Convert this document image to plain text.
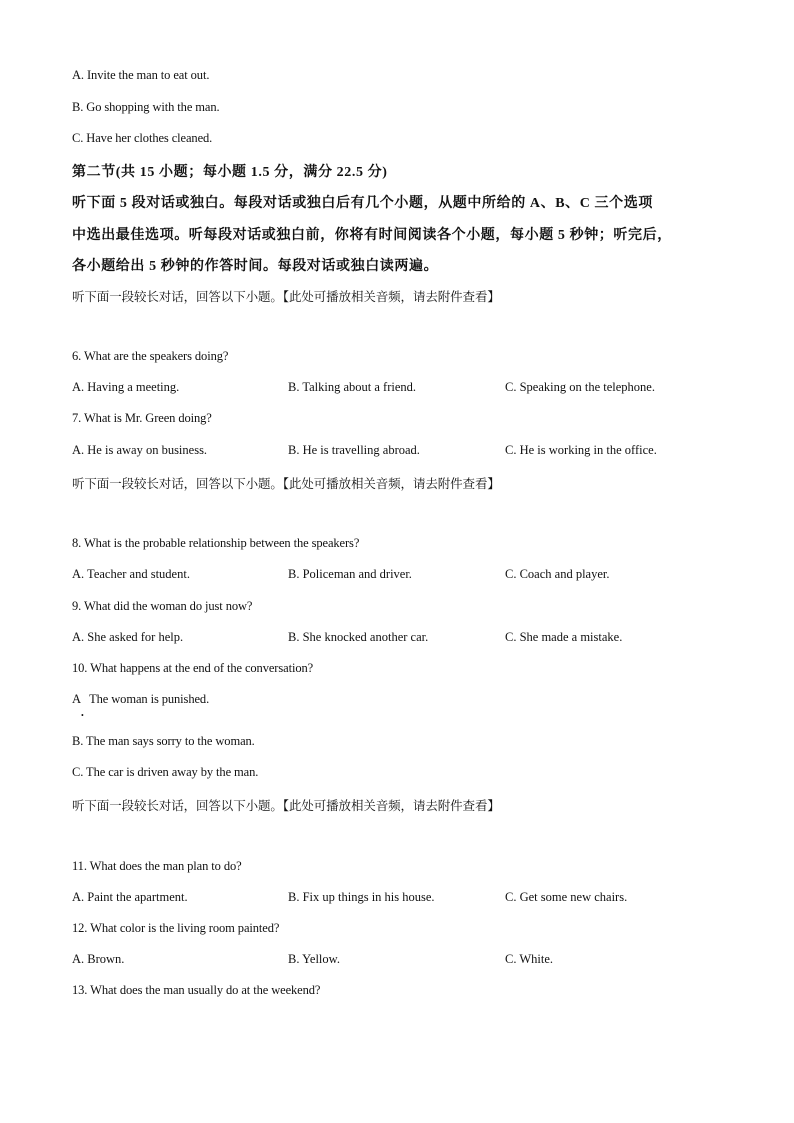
A. Invite the man to eat out.
B. Go shopping with the man.
C. Have her clothes cleaned.
第二节(共 15 小题；每小题 1.5 分，满分 22.5 分)
听下面 5 段对话或独白。每段对话或独白后有几个小题，从题中所给的 A、B、C 三个选项
中选出最佳选项。听每段对话或独白前，你将有时间阅读各个小题，每小题 5 秒钟；听完后，
各小题给出 5 秒钟的作答时间。每段对话或独白读两遍。
听下面一段较长对话，回答以下小题。【此处可播放相关音频，请去附件查看】
6. What are the speakers doing?
A. Having a meeting.	B. Talking about a friend.	C. Speaking on the telephone.
7. What is Mr. Green doing?
A. He is away on business.	B. He is travelling abroad.	C. He is working in the office.
听下面一段较长对话，回答以下小题。【此处可播放相关音频，请去附件查看】
8. What is the probable relationship between the speakers?
A. Teacher and student.	B. Policeman and driver.	C. Coach and player.
9. What did the woman do just now?
A. She asked for help.	B. She knocked another car.	C. She made a mistake.
10. What happens at the end of the conversation?
A   The woman is punished.
•
B. The man says sorry to the woman.
C. The car is driven away by the man.
听下面一段较长对话，回答以下小题。【此处可播放相关音频，请去附件查看】
11. What does the man plan to do?
A. Paint the apartment.	B. Fix up things in his house.	C. Get some new chairs.
12. What color is the living room painted?
A. Brown.	B. Yellow.	C. White.
13. What does the man usually do at the weekend?
